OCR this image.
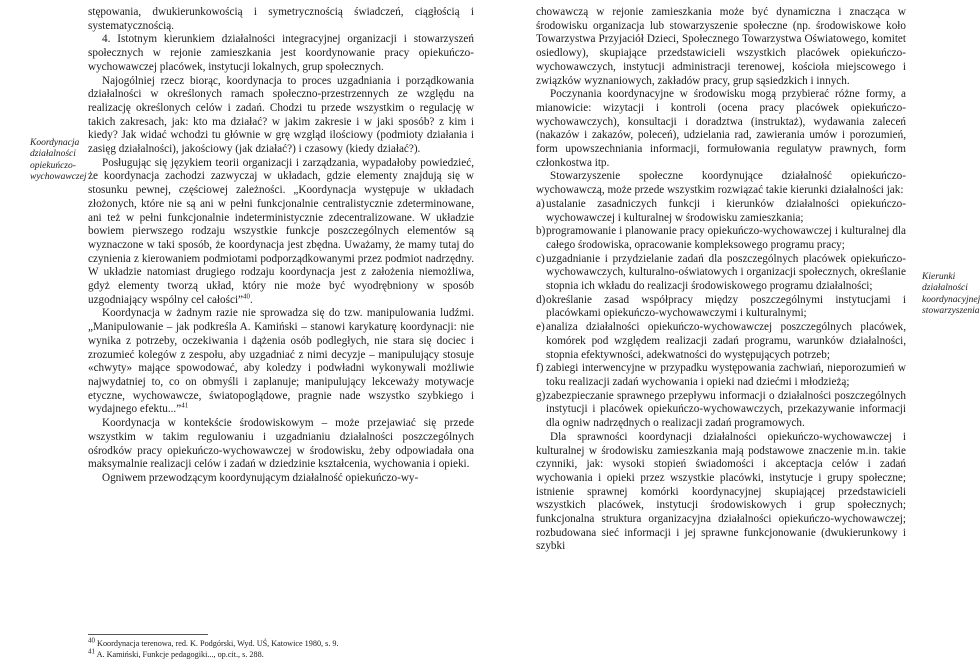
stępowania, dwukierunkowością i symetrycznością świadczeń, ciągłością i systematycznością.

4. Istotnym kierunkiem działalności integracyjnej organizacji i stowarzyszeń społecznych w rejonie zamieszkania jest koordynowanie pracy opiekuńczo-wychowawczej placówek, instytucji lokalnych, grup społecznych.

Najogólniej rzecz biorąc, koordynacja to proces uzgadniania i porządkowania działalności w określonych ramach społeczno-przestrzennych ze względu na realizację określonych celów i zadań. Chodzi tu przede wszystkim o regulację w takich zakresach, jak: kto ma działać? w jakim zakresie i w jaki sposób? z kim i kiedy? Jak widać wchodzi tu głównie w grę wzgląd ilościowy (podmioty działania i zasięg działalności), jakościowy (jak działać?) i czasowy (kiedy działać?).

Posługując się językiem teorii organizacji i zarządzania, wypadałoby powiedzieć, że koordynacja zachodzi zazwyczaj w układach, gdzie elementy znajdują się w stosunku pewnej, częściowej zależności. „Koordynacja występuje w układach złożonych, które nie są ani w pełni funkcjonalnie centralistycznie zdeterminowane, ani też w pełni funkcjonalnie indeterministycznie zdecentralizowane. W układzie bowiem pierwszego rodzaju wszystkie funkcje poszczególnych elementów są wyznaczone w taki sposób, że koordynacja jest zbędna. Uważamy, że mamy tutaj do czynienia z kierowaniem podmiotami podporządkowanymi przez podmiot nadrzędny. W układzie natomiast drugiego rodzaju koordynacja jest z założenia niemożliwa, gdyż elementy tworzą układ, który nie może być wyodrębniony w sposób uzgodniający wspólny cel całości”$^{40}$.

Koordynacja w żadnym razie nie sprowadza się do tzw. manipulowania ludźmi. „Manipulowanie – jak podkreśla A. Kamiński – stanowi karykaturę koordynacji: nie wynika z potrzeby, oczekiwania i dążenia osób podległych, nie stara się dociec i zrozumieć kolegów z zespołu, aby uzgadniać z nimi decyzje – manipulujący stosuje «chwyty» mające spowodować, aby koledzy i podwładni wykonywali możliwie najwydatniej to, co on obmyśli i zaplanuje; manipulujący lekceważy motywacje etyczne, wychowawcze, światopoglądowe, pragnie nade wszystko szybkiego i wydajnego efektu...”$^{41}$

Koordynacja w kontekście środowiskowym – może przejawiać się przede wszystkim w takim regulowaniu i uzgadnianiu działalności poszczególnych ośrodków pracy opiekuńczo-wychowawczej w środowisku, żeby odpowiadała ona maksymalnie realizacji celów i zadań w dziedzinie kształcenia, wychowania i opieki.

Ogniwem przewodzącym koordynującym działalność opiekuńczo-wy-

Koordynacja działalności opiekuńczo-wychowawczej
$^{40}$ Koordynacja terenowa, red. K. Podgórski, Wyd. UŚ, Katowice 1980, s. 9.
$^{41}$ A. Kamiński, Funkcje pedagogiki..., op.cit., s. 288.

chowawczą w rejonie zamieszkania może być dynamiczna i znacząca w środowisku organizacja lub stowarzyszenie społeczne (np. środowiskowe koło Towarzystwa Przyjaciół Dzieci, Społecznego Towarzystwa Oświatowego, komitet osiedlowy), skupiające przedstawicieli wszystkich placówek opiekuńczo-wychowawczych, instytucji administracji terenowej, kościoła miejscowego i związków wyznaniowych, zakładów pracy, grup sąsiedzkich i innych.

Poczynania koordynacyjne w środowisku mogą przybierać różne formy, a mianowicie: wizytacji i kontroli (ocena pracy placówek opiekuńczo-wychowawczych), konsultacji i doradztwa (instruktaż), wydawania zaleceń (nakazów i zakazów, poleceń), udzielania rad, zawierania umów i porozumień, form upowszechniania informacji, formułowania regulatyw prawnych, form członkostwa itp.

Stowarzyszenie społeczne koordynujące działalność opiekuńczo-wychowawczą, może przede wszystkim rozwiązać takie kierunki działalności jak:

a) ustalanie zasadniczych funkcji i kierunków działalności opiekuńczo-wychowawczej i kulturalnej w środowisku zamieszkania;
b) programowanie i planowanie pracy opiekuńczo-wychowawczej i kulturalnej dla całego środowiska, opracowanie kompleksowego programu pracy;
c) uzgadnianie i przydzielanie zadań dla poszczególnych placówek opiekuńczo-wychowawczych, kulturalno-oświatowych i organizacji społecznych, określanie stopnia ich wkładu do realizacji środowiskowego programu działalności;
d) określanie zasad współpracy między poszczególnymi instytucjami i placówkami opiekuńczo-wychowawczymi i kulturalnymi;
e) analiza działalności opiekuńczo-wychowawczej poszczególnych placówek, komórek pod względem realizacji zadań programu, warunków działalności, stopnia efektywności, adekwatności do występujących potrzeb;
f) zabiegi interwencyjne w przypadku występowania zachwiań, nieporozumień w toku realizacji zadań wychowania i opieki nad dziećmi i młodzieżą;
g) zabezpieczanie sprawnego przepływu informacji o działalności poszczególnych instytucji i placówek opiekuńczo-wychowawczych, przekazywanie informacji dla ogniw nadrzędnych o realizacji zadań programowych.

Dla sprawności koordynacji działalności opiekuńczo-wychowawczej i kulturalnej w środowisku zamieszkania mają podstawowe znaczenie m.in. takie czynniki, jak: wysoki stopień świadomości i akceptacja celów i zadań wychowania i opieki przez wszystkie placówki, instytucje i grupy społeczne; istnienie sprawnej komórki koordynacyjnej skupiającej przedstawicieli wszystkich placówek, instytucji środowiskowych i grup społecznych; funkcjonalna struktura organizacyjna działalności opiekuńczo-wychowawczej; rozbudowana sieć informacji i jej sprawne funkcjonowanie (dwukierunkowy i szybki

Kierunki działalności koordynacyjnej stowarzyszenia
